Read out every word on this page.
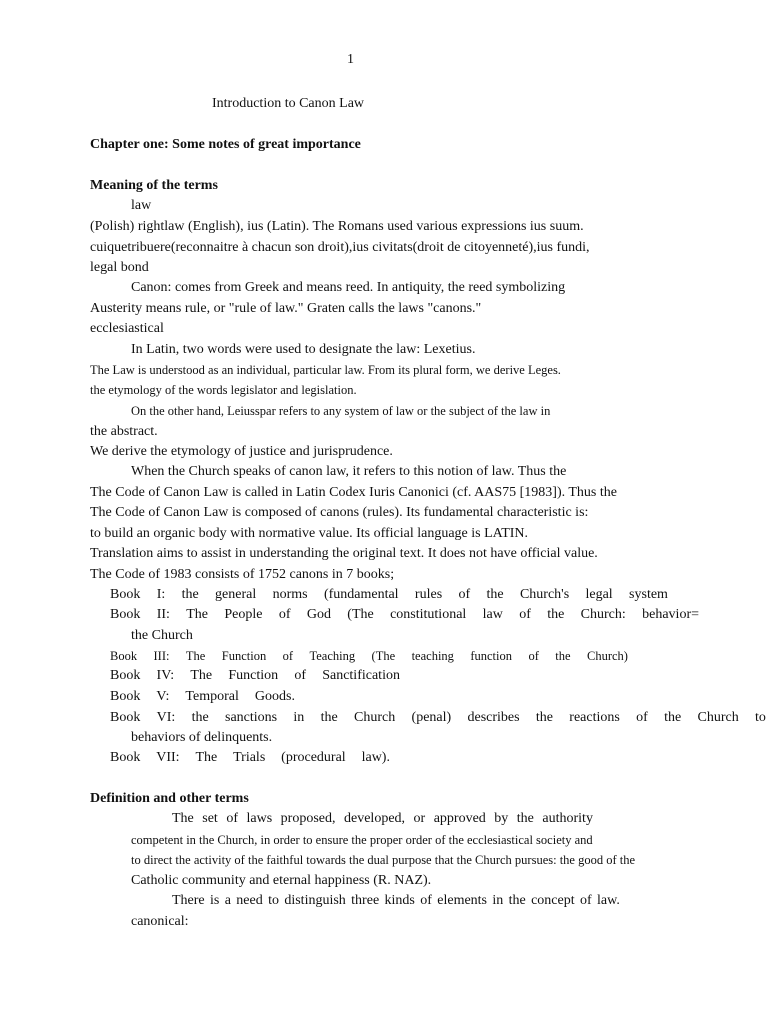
1
Introduction to Canon Law
Chapter one: Some notes of great importance
Meaning of the terms
law
(Polish) rightlaw (English), ius (Latin). The Romans used various expressions ius suum.
cuiquetribuere(reconnaitre à chacun son droit),ius civitats(droit de citoyenneté),ius fundi,
legal bond
Canon: comes from Greek and means reed. In antiquity, the reed symbolizing
Austerity means rule, or "rule of law." Graten calls the laws "canons."
ecclesiastical
In Latin, two words were used to designate the law: Lexetius.
The Law is understood as an individual, particular law. From its plural form, we derive Leges.
the etymology of the words legislator and legislation.
On the other hand, Leiusspar refers to any system of law or the subject of the law in
the abstract.
We derive the etymology of justice and jurisprudence.
When the Church speaks of canon law, it refers to this notion of law. Thus the
The Code of Canon Law is called in Latin Codex Iuris Canonici (cf. AAS75 [1983]). Thus the
The Code of Canon Law is composed of canons (rules). Its fundamental characteristic is:
to build an organic body with normative value. Its official language is LATIN.
Translation aims to assist in understanding the original text. It does not have official value.
The Code of 1983 consists of 1752 canons in 7 books;
Book I: the general norms (fundamental rules of the Church's legal system
Book II: The People of God (The constitutional law of the Church: behavior=
the Church
Book III: The Function of Teaching (The teaching function of the Church)
Book IV: The Function of Sanctification
Book V: Temporal Goods.
Book VI: the sanctions in the Church (penal) describes the reactions of the Church to
behaviors of delinquents.
Book VII: The Trials (procedural law).
Definition and other terms
The set of laws proposed, developed, or approved by the authority
competent in the Church, in order to ensure the proper order of the ecclesiastical society and
to direct the activity of the faithful towards the dual purpose that the Church pursues: the good of the
Catholic community and eternal happiness (R. NAZ).
There is a need to distinguish three kinds of elements in the concept of law.
canonical:
